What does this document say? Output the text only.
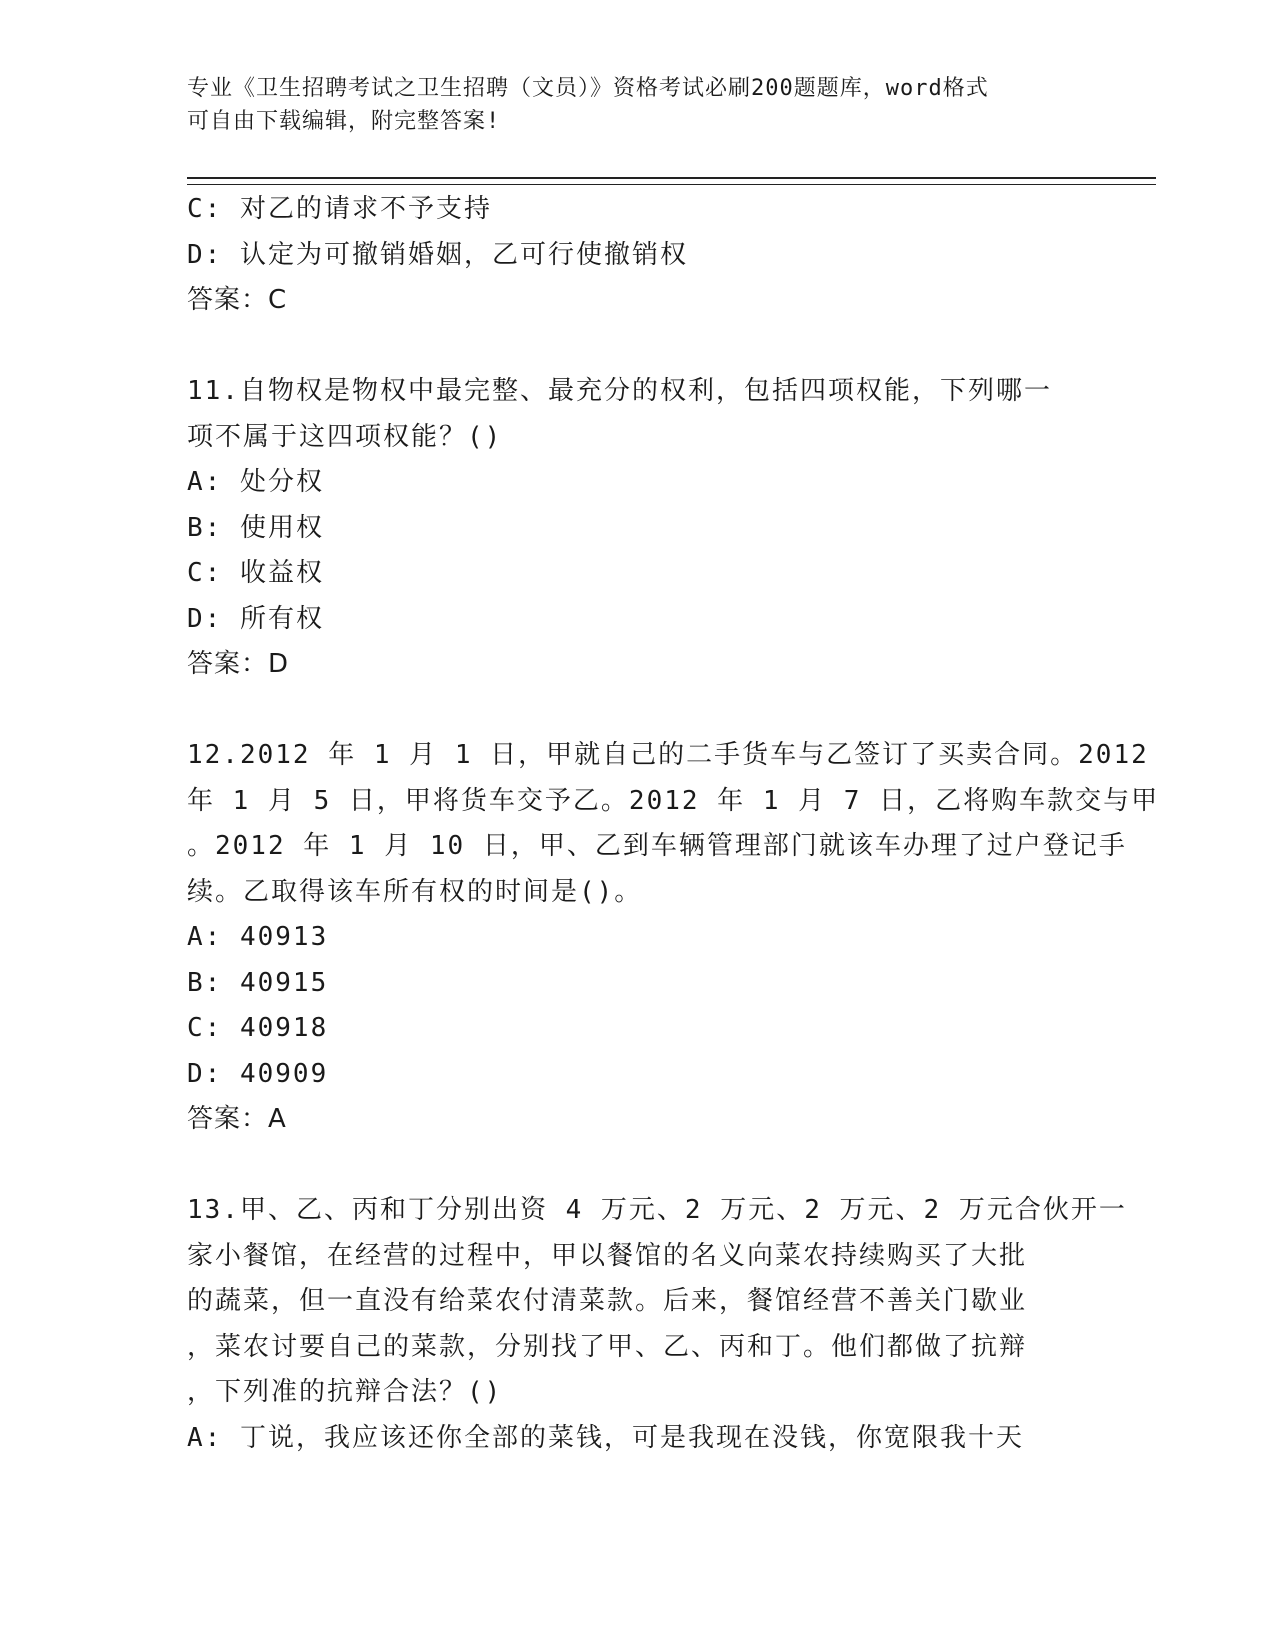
专业《卫生招聘考试之卫生招聘（文员）》资格考试必刷200题题库，word格式
可自由下载编辑，附完整答案!
C: 对乙的请求不予支持
D: 认定为可撤销婚姻，乙可行使撤销权
答案：C
11.自物权是物权中最完整、最充分的权利，包括四项权能，下列哪一
项不属于这四项权能？()
A: 处分权
B: 使用权
C: 收益权
D: 所有权
答案：D
12.2012 年 1 月 1 日，甲就自己的二手货车与乙签订了买卖合同。2012
年 1 月 5 日，甲将货车交予乙。2012 年 1 月 7 日，乙将购车款交与甲
。2012 年 1 月 10 日，甲、乙到车辆管理部门就该车办理了过户登记手
续。乙取得该车所有权的时间是()。
A: 40913
B: 40915
C: 40918
D: 40909
答案：A
13.甲、乙、丙和丁分别出资 4 万元、2 万元、2 万元、2 万元合伙开一
家小餐馆，在经营的过程中，甲以餐馆的名义向菜农持续购买了大批
的蔬菜，但一直没有给菜农付清菜款。后来，餐馆经营不善关门歇业
，菜农讨要自己的菜款，分别找了甲、乙、丙和丁。他们都做了抗辩
，下列准的抗辩合法？()
A: 丁说，我应该还你全部的菜钱，可是我现在没钱，你宽限我十天
